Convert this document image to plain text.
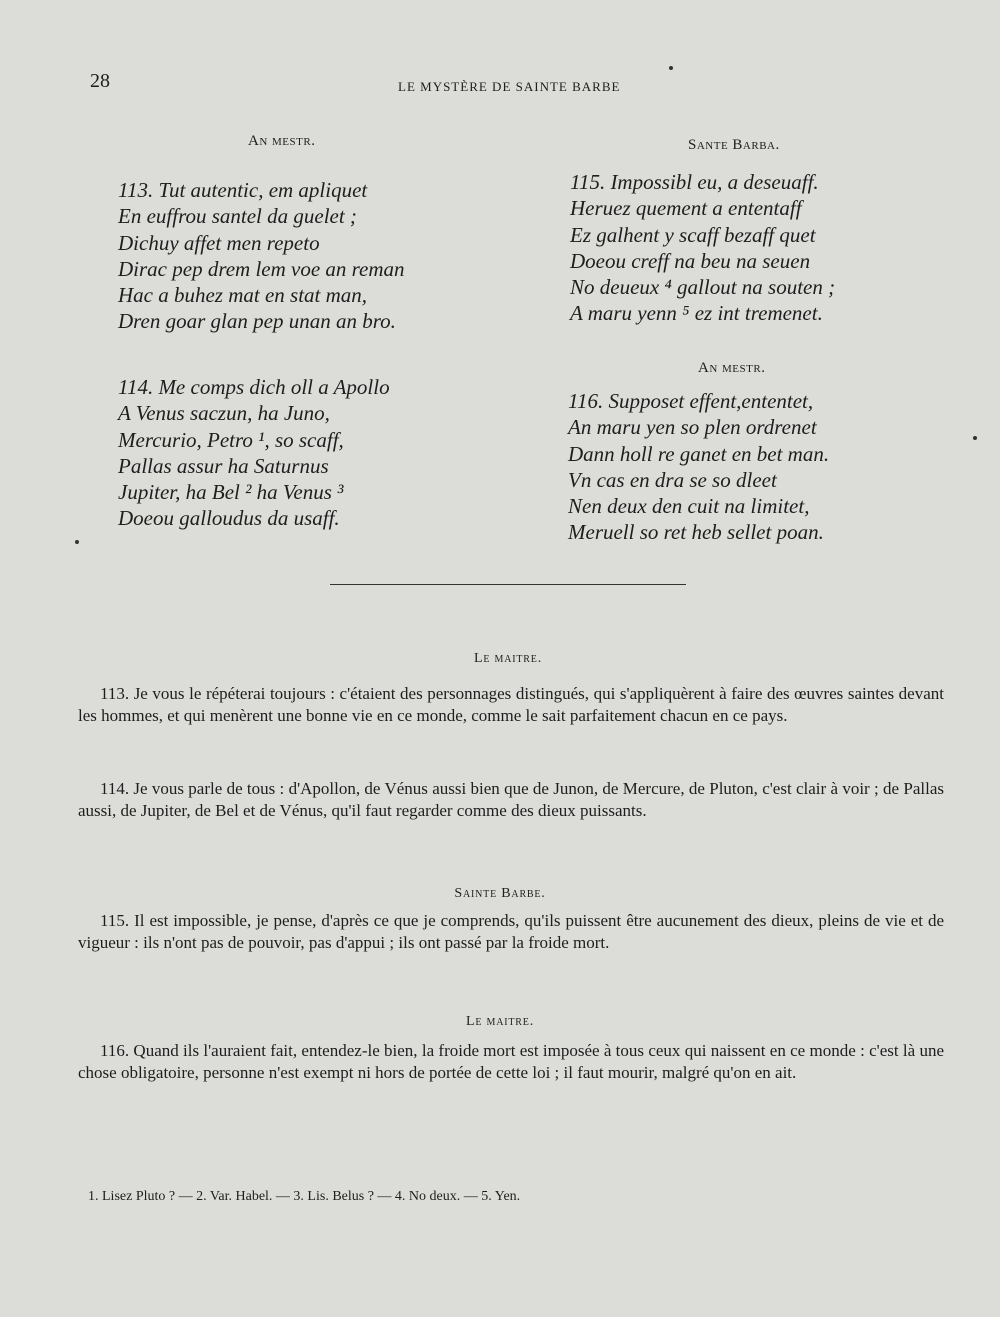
28	LE MYSTÈRE DE SAINTE BARBE
An mestr.
113. Tut autentic, em apliquet
En euffrou santel da guelet ;
Dichuy affet men repeto
Dirac pep drem lem voe an reman
Hac a buhez mat en stat man,
Dren goar glan pep unan an bro.
114. Me comps dich oll a Apollo
A Venus saczun, ha Juno,
Mercurio, Petro ¹, so scaff,
Pallas assur ha Saturnus
Jupiter, ha Bel ² ha Venus ³
Doeou galloudus da usaff.
Sante Barba.
115. Impossibl eu, a deseuaff.
Heruez quement a ententaff
Ez galhent y scaff bezaff quet
Doeou creff na beu na seuen
No deueux ⁴ gallout na souten ;
A maru yenn ⁵ ez int tremenet.
An mestr.
116. Supposet effent,ententet,
An maru yen so plen ordrenet
Dann holl re ganet en bet man.
Vn cas en dra se so dleet
Nen deux den cuit na limitet,
Meruell so ret heb sellet poan.
Le maitre.
113. Je vous le répéterai toujours : c'étaient des personnages distingués, qui s'appliquèrent à faire des œuvres saintes devant les hommes, et qui menèrent une bonne vie en ce monde, comme le sait parfaitement chacun en ce pays.
114. Je vous parle de tous : d'Apollon, de Vénus aussi bien que de Junon, de Mercure, de Pluton, c'est clair à voir ; de Pallas aussi, de Jupiter, de Bel et de Vénus, qu'il faut regarder comme des dieux puissants.
Sainte Barbe.
115. Il est impossible, je pense, d'après ce que je comprends, qu'ils puissent être aucunement des dieux, pleins de vie et de vigueur : ils n'ont pas de pouvoir, pas d'appui ; ils ont passé par la froide mort.
Le maitre.
116. Quand ils l'auraient fait, entendez-le bien, la froide mort est imposée à tous ceux qui naissent en ce monde : c'est là une chose obligatoire, personne n'est exempt ni hors de portée de cette loi ; il faut mourir, malgré qu'on en ait.
1. Lisez Pluto ? — 2. Var. Habel. — 3. Lis. Belus ? — 4. No deux. — 5. Yen.
